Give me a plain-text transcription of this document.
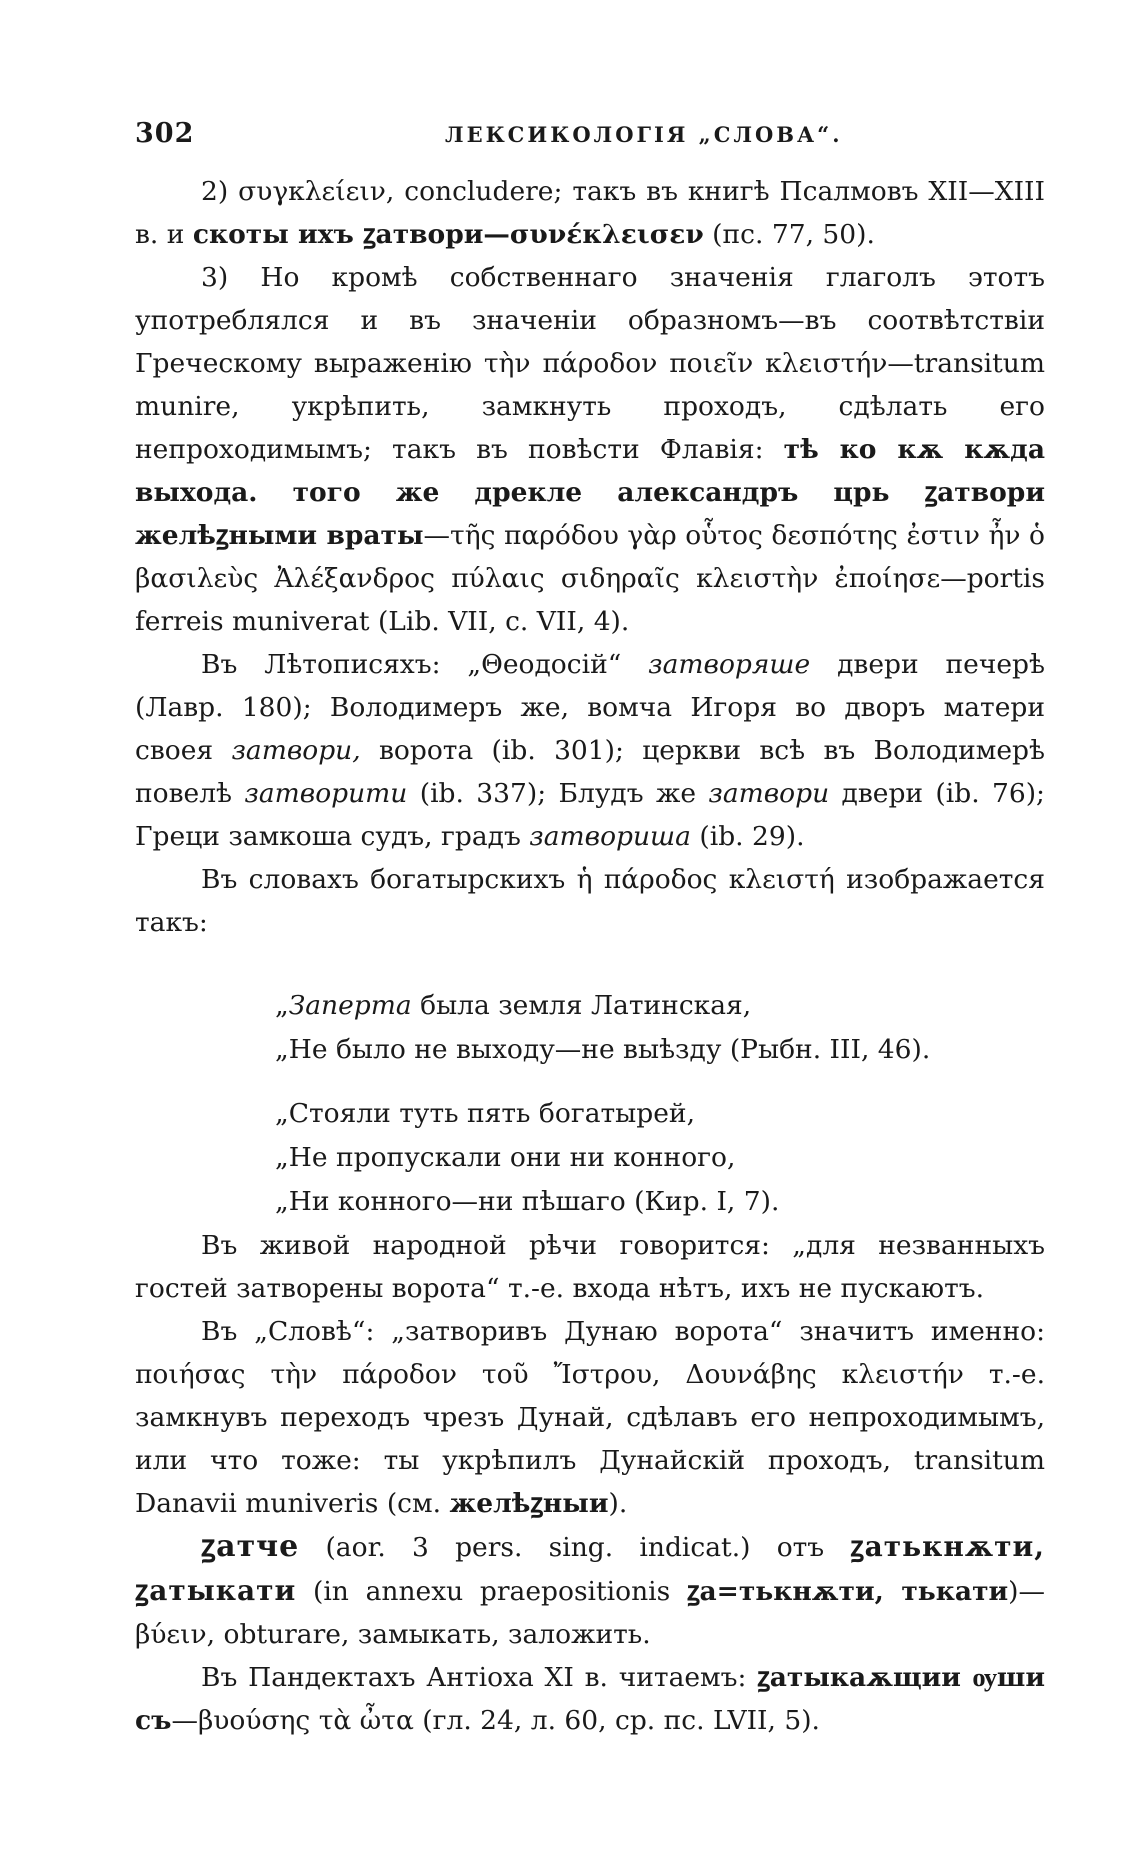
302	ЛЕКСИКОЛОГІЯ „СЛОВА“.

2) συγκλείειν, concludere; такъ въ книгѣ Псалмовъ XII—XIII в. и скоты ихъ ꙁатвори—συνέκλεισεν (пс. 77, 50).

3) Но кромѣ собственнаго значенія глаголъ этотъ употреблялся и въ значеніи образномъ—въ соотвѣтствіи Греческому выраженію τὴν πάροδον ποιεῖν κλειστήν—transitum munire, укрѣпить, замкнуть проходъ, сдѣлать его непроходимымъ; такъ въ повѣсти Флавія: тѣ ко кѫ кѫда выхода. того же дрекле александръ црь ꙁатвори желѣꙁными враты—τῆς παρόδου γὰρ οὗτος δεσπότης ἐστιν ἦν ὁ βασιλεὺς Ἀλέξανδρος πύλαις σιδηραῖς κλειστὴν ἐποίησε—portis ferreis muniverat (Lib. VII, c. VII, 4).

Въ Лѣтописяхъ: „Θеодосій“ затворяше двери печерѣ (Лавр. 180); Володимеръ же, вомча Игоря во дворъ матери своея затвори, ворота (ib. 301); церкви всѣ въ Володимерѣ повелѣ затворити (ib. 337); Блудъ же затвори двери (ib. 76); Греци замкоша судъ, градъ затвориша (ib. 29).

Въ словахъ богатырскихъ ἡ πάροδος κλειστή изображается такъ:

„Заперта была земля Латинская,
„Не было не выходу—не выѣзду (Рыбн. III, 46).
„Стояли туть пять богатырей,
„Не пропускали они ни конного,
„Ни конного—ни пѣшаго (Кир. I, 7).

Въ живой народной рѣчи говорится: „для незванныхъ гостей затворены ворота“ т.-е. входа нѣтъ, ихъ не пускаютъ.

Въ „Словѣ“: „затворивъ Дунаю ворота“ значитъ именно: ποιήσας τὴν πάροδον τοῦ Ἴστρου, Δουνάβης κλειστήν т.-е. замкнувъ переходъ чрезъ Дунай, сдѣлавъ его непроходимымъ, или что тоже: ты укрѣпилъ Дунайскій проходъ, transitum Danavii muniveris (см. желѣꙁныи).

ꙁатче (aor. 3 pers. sing. indicat.) отъ ꙁатькнѫти, ꙁатыкати (in annexu praepositionis ꙁа=тькнѫти, тькати)—βύειν, obturare, замыкать, заложить.

Въ Пандектахъ Антіоха XI в. читаемъ: ꙁатыкаѫщии ѹши съ—βυούσης τὰ ὦτα (гл. 24, л. 60, ср. пс. LVII, 5).
